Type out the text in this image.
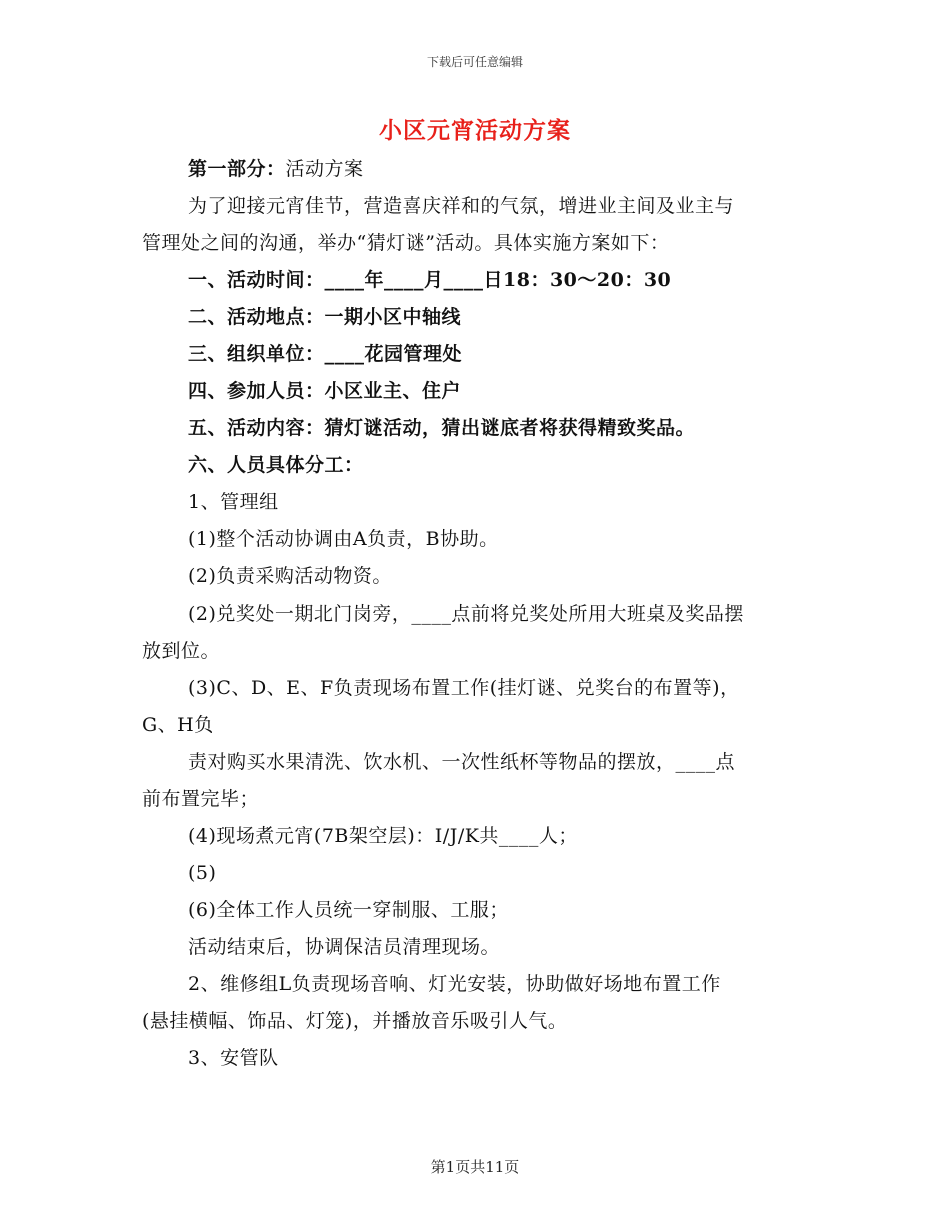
下载后可任意编辑
小区元宵活动方案
第一部分：活动方案
为了迎接元宵佳节，营造喜庆祥和的气氛，增进业主间及业主与
管理处之间的沟通，举办“猜灯谜”活动。具体实施方案如下：
一、活动时间：____年____月____日18：30～20：30
二、活动地点：一期小区中轴线
三、组织单位：____花园管理处
四、参加人员：小区业主、住户
五、活动内容：猜灯谜活动，猜出谜底者将获得精致奖品。
六、人员具体分工：
1、管理组
(1)整个活动协调由A负责，B协助。
(2)负责采购活动物资。
(2)兑奖处一期北门岗旁，____点前将兑奖处所用大班桌及奖品摆
放到位。
(3)C、D、E、F负责现场布置工作(挂灯谜、兑奖台的布置等)，
G、H负
责对购买水果清洗、饮水机、一次性纸杯等物品的摆放，____点
前布置完毕；
(4)现场煮元宵(7B架空层)：I/J/K共____人；
(5)
(6)全体工作人员统一穿制服、工服；
活动结束后，协调保洁员清理现场。
2、维修组L负责现场音响、灯光安装，协助做好场地布置工作
(悬挂横幅、饰品、灯笼)，并播放音乐吸引人气。
3、安管队
第1页共11页
